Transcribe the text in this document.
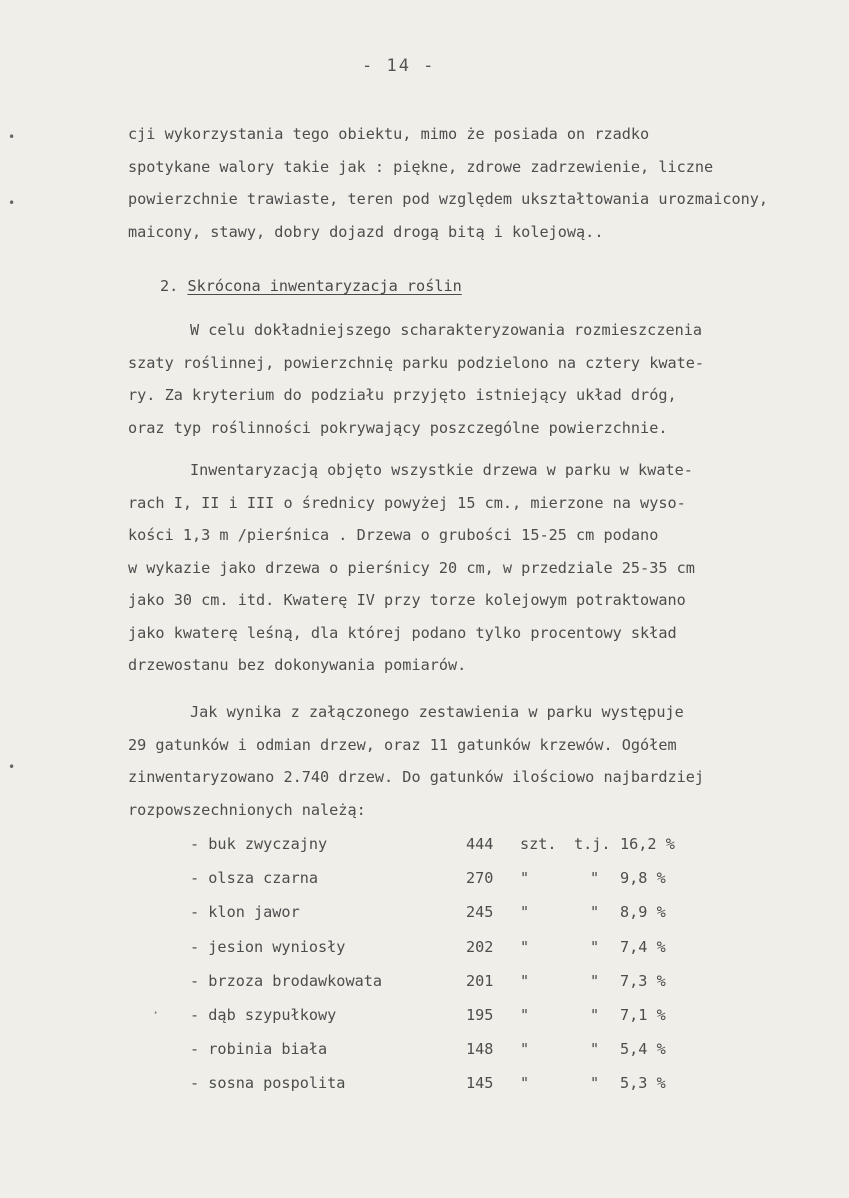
- 14 -
cji wykorzystania tego obiektu, mimo że posiada on rzadko
spotykane walory takie jak : piękne, zdrowe zadrzewienie, liczne
powierzchnie trawiaste, teren pod względem ukształtowania urozmaicony,
maicony, stawy, dobry dojazd drogą bitą i kolejową..
2. Skrócona inwentaryzacja roślin
W celu dokładniejszego scharakteryzowania rozmieszczenia
szaty roślinnej, powierzchnię parku podzielono na cztery kwate-
ry. Za kryterium do podziału przyjęto istniejący układ dróg,
oraz typ roślinności pokrywający poszczególne powierzchnie.
Inwentaryzacją objęto wszystkie drzewa w parku w kwate-
rach I, II i III o średnicy powyżej 15 cm., mierzone na wyso-
kości 1,3 m /pierśnica . Drzewa o grubości 15-25 cm podano
w wykazie jako drzewa o pierśnicy 20 cm, w przedziale 25-35 cm
jako 30 cm. itd. Kwaterę IV przy torze kolejowym potraktowano
jako kwaterę leśną, dla której podano tylko procentowy skład
drzewostanu bez dokonywania pomiarów.
Jak wynika z załączonego zestawienia w parku występuje
29 gatunków i odmian drzew, oraz 11 gatunków krzewów. Ogółem
zinwentaryzowano 2.740 drzew. Do gatunków ilościowo najbardziej
rozpowszechnionych należą:
- buk zwyczajny	444 szt. t.j. 16,2 %
- olsza czarna	270 "	" 9,8 %
- klon jawor	245 "	" 8,9 %
- jesion wyniosły	202 "	" 7,4 %
- brzoza brodawkowata	201 "	" 7,3 %
· - dąb szypułkowy	195 "	" 7,1 %
- robinia biała	148 "	" 5,4 %
- sosna pospolita	145 "	" 5,3 %
•
•
•
